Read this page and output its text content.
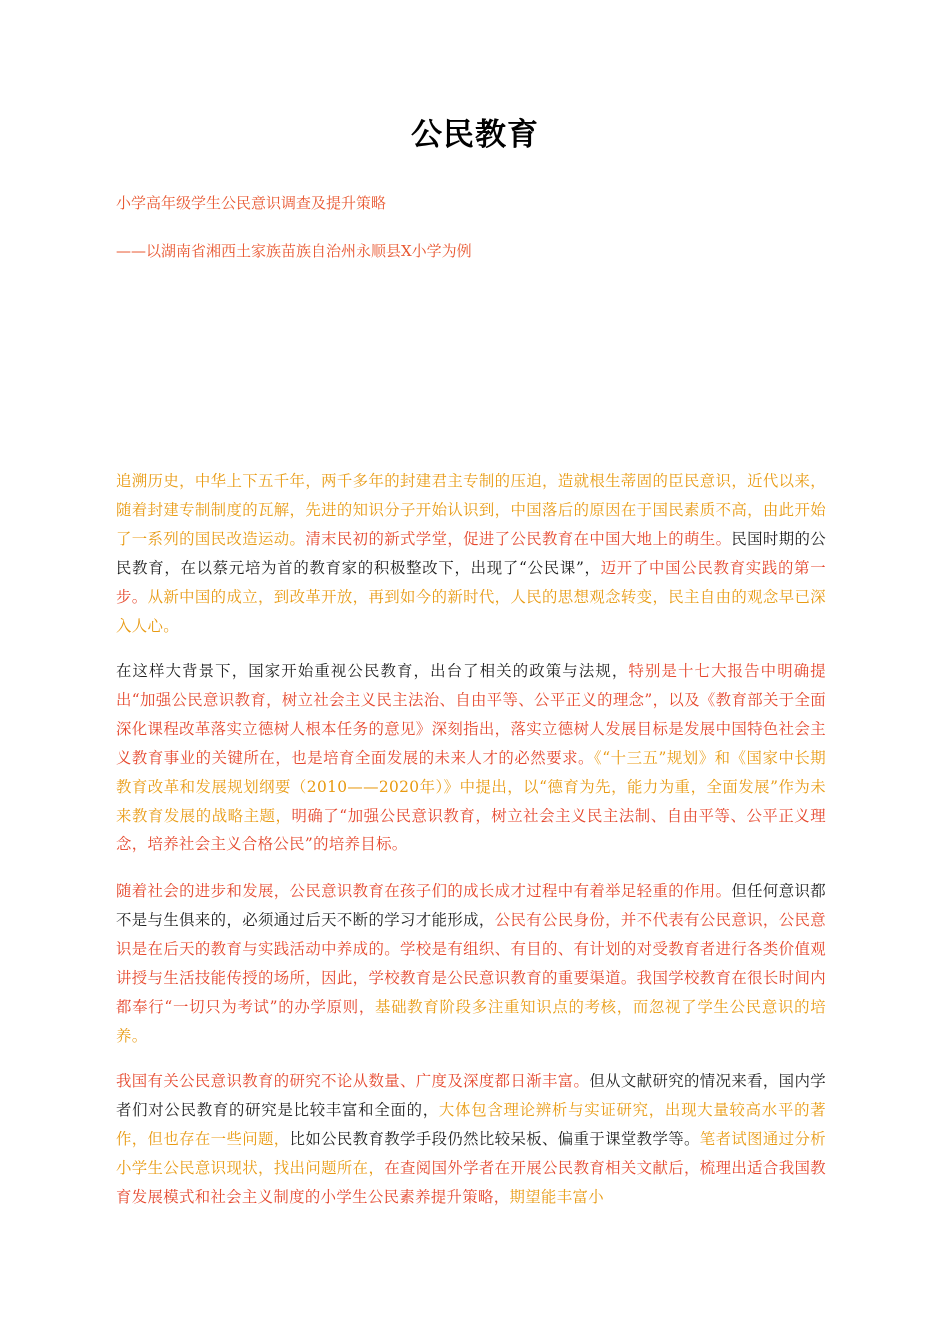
公民教育
小学高年级学生公民意识调查及提升策略
——以湖南省湘西土家族苗族自治州永顺县X小学为例
追溯历史，中华上下五千年，两千多年的封建君主专制的压迫，造就根生蒂固的臣民意识，近代以来，随着封建专制制度的瓦解，先进的知识分子开始认识到，中国落后的原因在于国民素质不高，由此开始了一系列的国民改造运动。清末民初的新式学堂，促进了公民教育在中国大地上的萌生。民国时期的公民教育，在以蔡元培为首的教育家的积极整改下，出现了“公民课”，迈开了中国公民教育实践的第一步。从新中国的成立，到改革开放，再到如今的新时代，人民的思想观念转变，民主自由的观念早已深入人心。
在这样大背景下，国家开始重视公民教育，出台了相关的政策与法规，特别是十七大报告中明确提出“加强公民意识教育，树立社会主义民主法治、自由平等、公平正义的理念”，以及《教育部关于全面深化课程改革落实立德树人根本任务的意见》深刻指出，落实立德树人发展目标是发展中国特色社会主义教育事业的关键所在，也是培育全面发展的未来人才的必然要求。《“十三五”规划》和《国家中长期教育改革和发展规划纲要（2010——2020年）》中提出，以“德育为先，能力为重，全面发展”作为未来教育发展的战略主题，明确了“加强公民意识教育，树立社会主义民主法制、自由平等、公平正义理念，培养社会主义合格公民”的培养目标。
随着社会的进步和发展，公民意识教育在孩子们的成长成才过程中有着举足轻重的作用。但任何意识都不是与生俱来的，必须通过后天不断的学习才能形成，公民有公民身份，并不代表有公民意识，公民意识是在后天的教育与实践活动中养成的。学校是有组织、有目的、有计划的对受教育者进行各类价值观讲授与生活技能传授的场所，因此，学校教育是公民意识教育的重要渠道。我国学校教育在很长时间内都奉行“一切只为考试”的办学原则，基础教育阶段多注重知识点的考核，而忽视了学生公民意识的培养。
我国有关公民意识教育的研究不论从数量、广度及深度都日渐丰富。但从文献研究的情况来看，国内学者们对公民教育的研究是比较丰富和全面的，大体包含理论辨析与实证研究，出现大量较高水平的著作，但也存在一些问题，比如公民教育教学手段仍然比较呆板、偏重于课堂教学等。笔者试图通过分析小学生公民意识现状，找出问题所在，在查阅国外学者在开展公民教育相关文献后，梳理出适合我国教育发展模式和社会主义制度的小学生公民素养提升策略，期望能丰富小
